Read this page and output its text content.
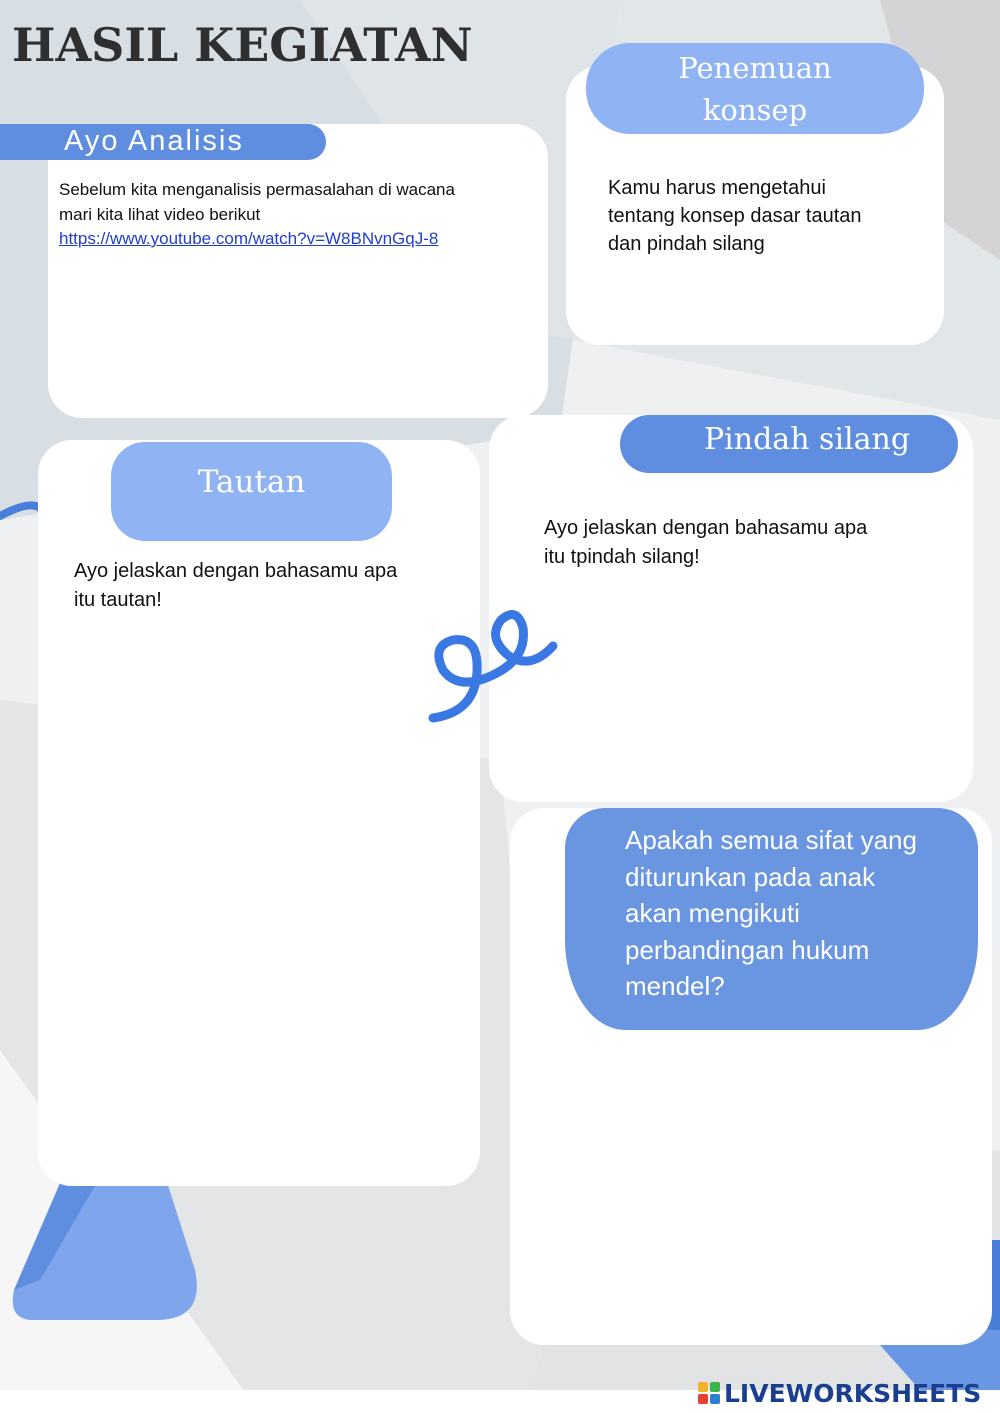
HASIL KEGIATAN
Ayo Analisis
Sebelum kita menganalisis permasalahan di wacana
mari kita lihat video berikut
https://www.youtube.com/watch?v=W8BNvnGqJ-8
Penemuan
konsep
Kamu harus mengetahui
tentang konsep dasar tautan
dan pindah silang
Tautan
Ayo jelaskan dengan bahasamu apa
itu tautan!
Pindah silang
Ayo jelaskan dengan bahasamu apa
itu tpindah silang!
Apakah semua sifat yang
diturunkan pada anak
akan mengikuti
perbandingan hukum
mendel?
LIVEWORKSHEETS
